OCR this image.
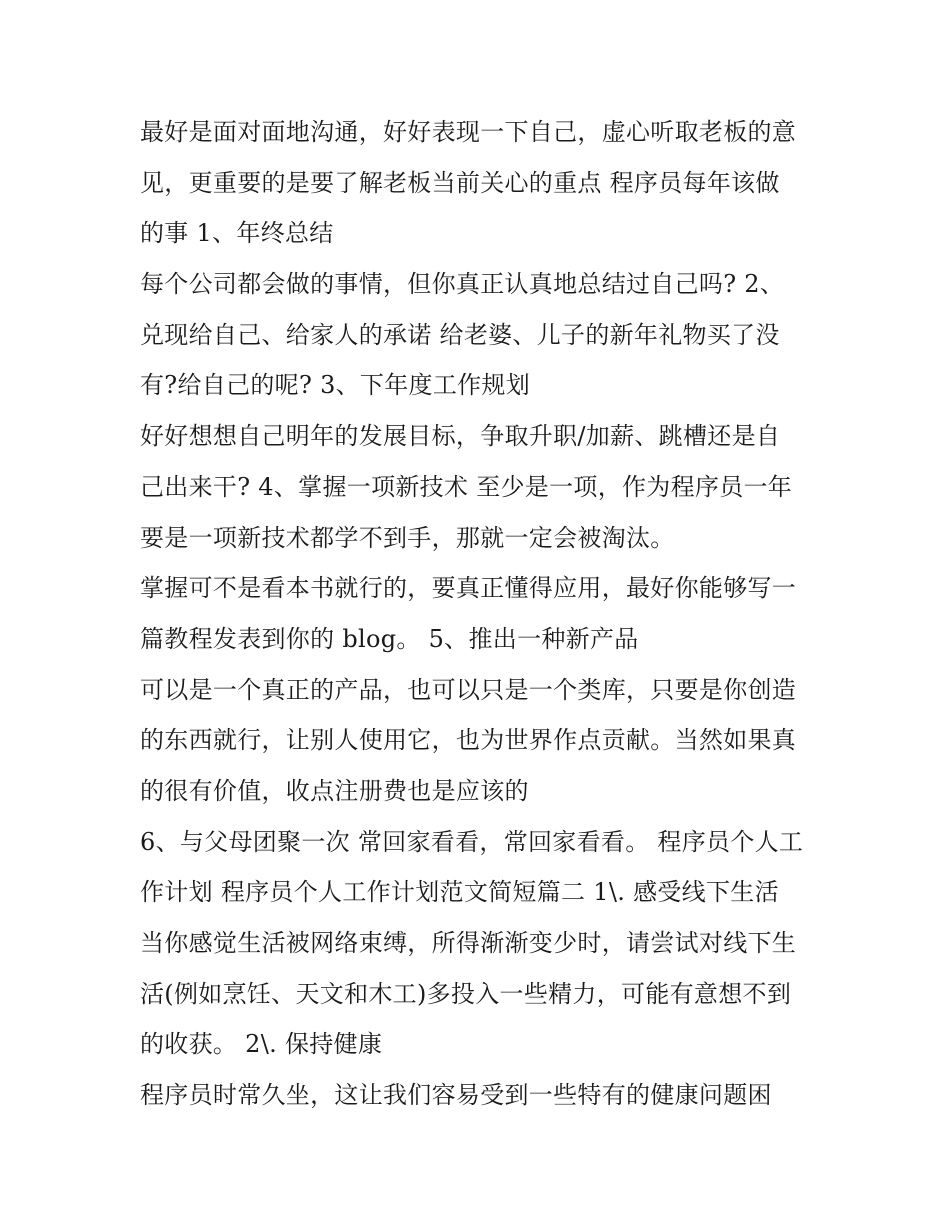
最好是面对面地沟通，好好表现一下自己，虚心听取老板的意
见，更重要的是要了解老板当前关心的重点 程序员每年该做
的事 1、年终总结
每个公司都会做的事情，但你真正认真地总结过自己吗? 2、
兑现给自己、给家人的承诺 给老婆、儿子的新年礼物买了没
有?给自己的呢? 3、下年度工作规划
好好想想自己明年的发展目标，争取升职/加薪、跳槽还是自
己出来干? 4、掌握一项新技术 至少是一项，作为程序员一年
要是一项新技术都学不到手，那就一定会被淘汰。
掌握可不是看本书就行的，要真正懂得应用，最好你能够写一
篇教程发表到你的 blog。 5、推出一种新产品
可以是一个真正的产品，也可以只是一个类库，只要是你创造
的东西就行，让别人使用它，也为世界作点贡献。当然如果真
的很有价值，收点注册费也是应该的
6、与父母团聚一次 常回家看看，常回家看看。 程序员个人工
作计划 程序员个人工作计划范文简短篇二 1\. 感受线下生活
当你感觉生活被网络束缚，所得渐渐变少时，请尝试对线下生
活(例如烹饪、天文和木工)多投入一些精力，可能有意想不到
的收获。 2\. 保持健康
程序员时常久坐，这让我们容易受到一些特有的健康问题困
